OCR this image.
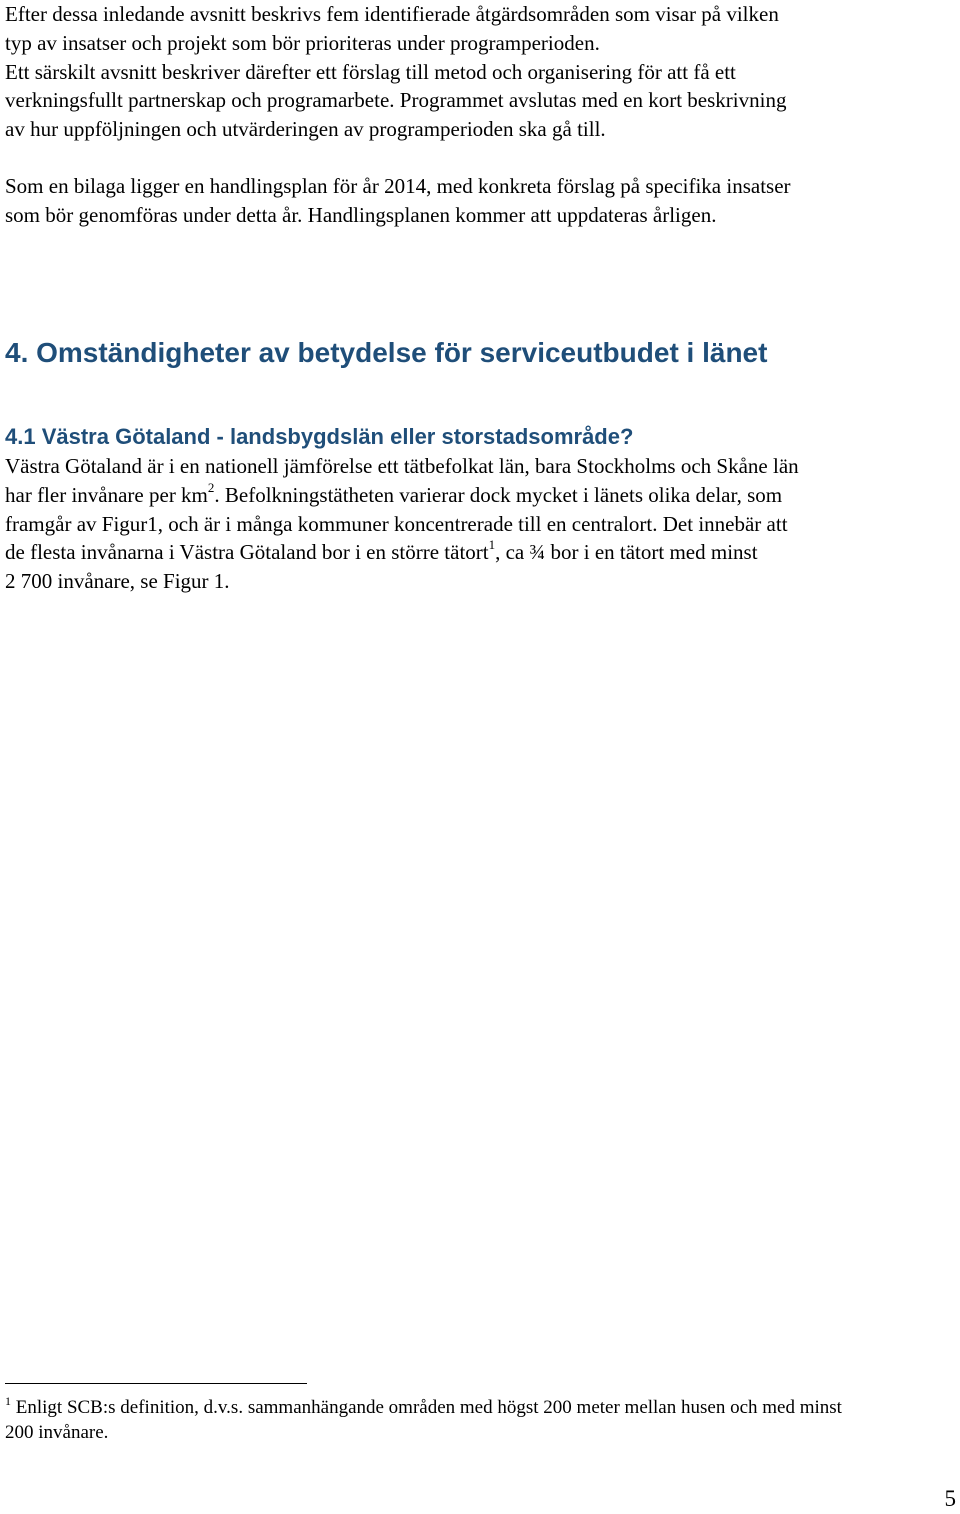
Efter dessa inledande avsnitt beskrivs fem identifierade åtgärdsområden som visar på vilken
typ av insatser och projekt som bör prioriteras under programperioden.
Ett särskilt avsnitt beskriver därefter ett förslag till metod och organisering för att få ett
verkningsfullt partnerskap och programarbete. Programmet avslutas med en kort beskrivning
av hur uppföljningen och utvärderingen av programperioden ska gå till.
Som en bilaga ligger en handlingsplan för år 2014, med konkreta förslag på specifika insatser
som bör genomföras under detta år. Handlingsplanen kommer att uppdateras årligen.
4. Omständigheter av betydelse för serviceutbudet i länet
4.1 Västra Götaland - landsbygdslän eller storstadsområde?
Västra Götaland är i en nationell jämförelse ett tätbefolkat län, bara Stockholms och Skåne län
har fler invånare per $km^2$. Befolkningstätheten varierar dock mycket i länets olika delar, som
framgår av Figur1, och är i många kommuner koncentrerade till en centralort. Det innebär att
de flesta invånarna i Västra Götaland bor i en större tätort$^1$, ca ¾ bor i en tätort med minst
2 700 invånare, se Figur 1.
$^1$ Enligt SCB:s definition, d.v.s. sammanhängande områden med högst 200 meter mellan husen och med minst
200 invånare.
5
